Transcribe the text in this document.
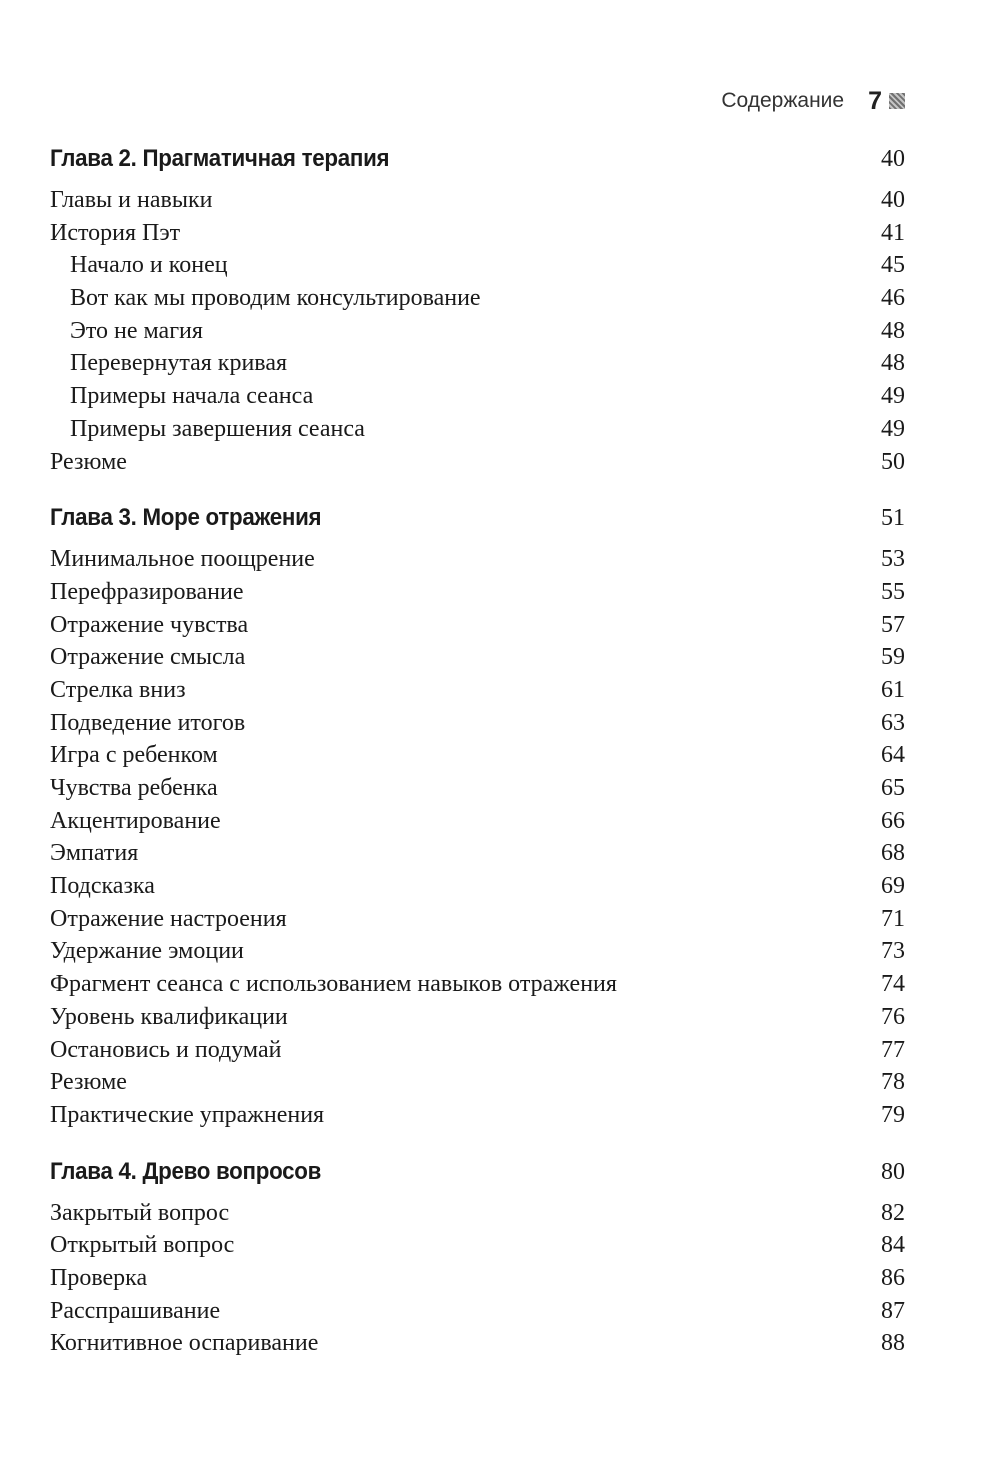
Содержание 7
Глава 2. Прагматичная терапия	40
Главы и навыки	40
История Пэт	41
Начало и конец	45
Вот как мы проводим консультирование	46
Это не магия	48
Перевернутая кривая	48
Примеры начала сеанса	49
Примеры завершения сеанса	49
Резюме	50
Глава 3. Море отражения	51
Минимальное поощрение	53
Перефразирование	55
Отражение чувства	57
Отражение смысла	59
Стрелка вниз	61
Подведение итогов	63
Игра с ребенком	64
Чувства ребенка	65
Акцентирование	66
Эмпатия	68
Подсказка	69
Отражение настроения	71
Удержание эмоции	73
Фрагмент сеанса с использованием навыков отражения	74
Уровень квалификации	76
Остановись и подумай	77
Резюме	78
Практические упражнения	79
Глава 4. Древо вопросов	80
Закрытый вопрос	82
Открытый вопрос	84
Проверка	86
Расспрашивание	87
Когнитивное оспаривание	88
